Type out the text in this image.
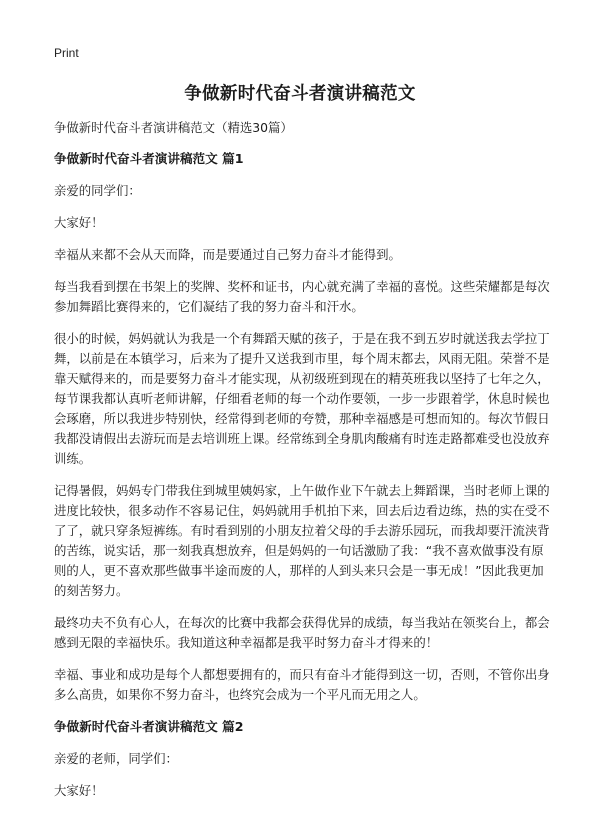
Print
争做新时代奋斗者演讲稿范文

争做新时代奋斗者演讲稿范文（精选30篇）

争做新时代奋斗者演讲稿范文 篇1

亲爱的同学们：

大家好！

幸福从来都不会从天而降，而是要通过自己努力奋斗才能得到。

每当我看到摆在书架上的奖牌、奖杯和证书，内心就充满了幸福的喜悦。这些荣耀都是每次参加舞蹈比赛得来的，它们凝结了我的努力奋斗和汗水。

很小的时候，妈妈就认为我是一个有舞蹈天赋的孩子，于是在我不到五岁时就送我去学拉丁舞，以前是在本镇学习，后来为了提升又送我到市里，每个周末都去，风雨无阻。荣誉不是靠天赋得来的，而是要努力奋斗才能实现，从初级班到现在的精英班我以坚持了七年之久，每节课我都认真听老师讲解，仔细看老师的每一个动作要领，一步一步跟着学，休息时候也会琢磨，所以我进步特别快，经常得到老师的夸赞，那种幸福感是可想而知的。每次节假日我都没请假出去游玩而是去培训班上课。经常练到全身肌肉酸痛有时连走路都难受也没放弃训练。

记得暑假，妈妈专门带我住到城里姨妈家，上午做作业下午就去上舞蹈课，当时老师上课的进度比较快，很多动作不容易记住，妈妈就用手机拍下来，回去后边看边练，热的实在受不了了，就只穿条短裤练。有时看到别的小朋友拉着父母的手去游乐园玩，而我却要汗流浃背的苦练，说实话，那一刻我真想放弃，但是妈妈的一句话激励了我：“我不喜欢做事没有原则的人，更不喜欢那些做事半途而废的人，那样的人到头来只会是一事无成！”因此我更加的刻苦努力。

最终功夫不负有心人，在每次的比赛中我都会获得优异的成绩，每当我站在领奖台上，都会感到无限的幸福快乐。我知道这种幸福都是我平时努力奋斗才得来的！

幸福、事业和成功是每个人都想要拥有的，而只有奋斗才能得到这一切，否则，不管你出身多么高贵，如果你不努力奋斗，也终究会成为一个平凡而无用之人。

争做新时代奋斗者演讲稿范文 篇2

亲爱的老师，同学们：

大家好！
